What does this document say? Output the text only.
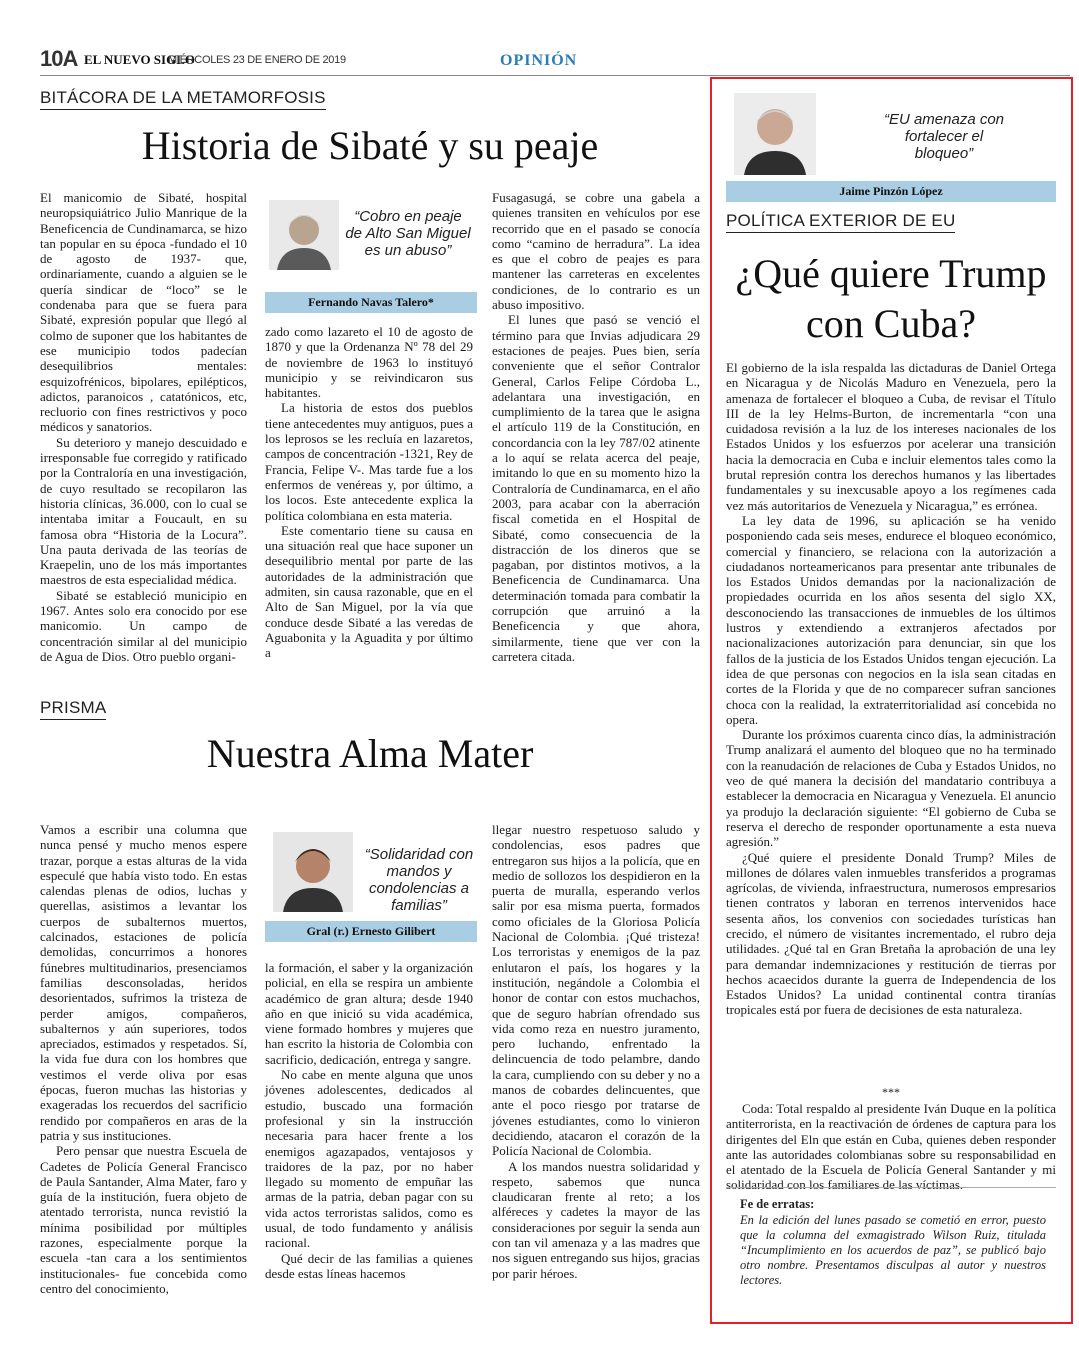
10A EL NUEVO SIGLO
MIÉRCOLES 23 DE ENERO DE 2019	OPINIÓN
BITÁCORA DE LA METAMORFOSIS
Historia de Sibaté y su peaje

El manicomio de Sibaté, hospital neuropsiquiátrico Julio Manrique de la Beneficencia de Cundinamarca, se hizo tan popular en su época -fundado el 10 de agosto de 1937- que, ordinariamente, cuando a alguien se le quería sindicar de “loco” se le condenaba para que se fuera para Sibaté, expresión popular que llegó al colmo de suponer que los habitantes de ese municipio todos padecían desequilibrios mentales: esquizofrénicos, bipolares, epilépticos, adictos, paranoicos , catatónicos, etc, recluorio con fines restrictivos y poco médicos y sanatorios.

Su deterioro y manejo descuidado e irresponsable fue corregido y ratificado por la Contraloría en una investigación, de cuyo resultado se recopilaron las historia clínicas, 36.000, con lo cual se intentaba imitar a Foucault, en su famosa obra “Historia de la Locura”. Una pauta derivada de las teorías de Kraepelin, uno de los más importantes maestros de esta especialidad médica.

Sibaté se estableció municipio en 1967. Antes solo era conocido por ese manicomio. Un campo de concentración similar al del municipio de Agua de Dios. Otro pueblo organi-

“Cobro en peaje de Alto San Miguel es un abuso”
Fernando Navas Talero*

zado como lazareto el 10 de agosto de 1870 y que la Ordenanza Nº 78 del 29 de noviembre de 1963 lo instituyó municipio y se reivindicaron sus habitantes.

La historia de estos dos pueblos tiene antecedentes muy antiguos, pues a los leprosos se les recluía en lazaretos, campos de concentración -1321, Rey de Francia, Felipe V-. Mas tarde fue a los enfermos de venéreas y, por último, a los locos. Este antecedente explica la política colombiana en esta materia.

Este comentario tiene su causa en una situación real que hace suponer un desequilibrio mental por parte de las autoridades de la administración que admiten, sin causa razonable, que en el Alto de San Miguel, por la vía que conduce desde Sibaté a las veredas de Aguabonita y la Aguadita y por último a

Fusagasugá, se cobre una gabela a quienes transiten en vehículos por ese recorrido que en el pasado se conocía como “camino de herradura”. La idea es que el cobro de peajes es para mantener las carreteras en excelentes condiciones, de lo contrario es un abuso impositivo.

El lunes que pasó se venció el término para que Invias adjudicara 29 estaciones de peajes. Pues bien, sería conveniente que el señor Contralor General, Carlos Felipe Córdoba L., adelantara una investigación, en cumplimiento de la tarea que le asigna el artículo 119 de la Constitución, en concordancia con la ley 787/02 atinente a lo aquí se relata acerca del peaje, imitando lo que en su momento hizo la Contraloría de Cundinamarca, en el año 2003, para acabar con la aberración fiscal cometida en el Hospital de Sibaté, como consecuencia de la distracción de los dineros que se pagaban, por distintos motivos, a la Beneficencia de Cundinamarca. Una determinación tomada para combatir la corrupción que arruinó a la Beneficencia y que ahora, similarmente, tiene que ver con la carretera citada.

PRISMA
Nuestra Alma Mater

Vamos a escribir una columna que nunca pensé y mucho menos espere trazar, porque a estas alturas de la vida especulé que había visto todo. En estas calendas plenas de odios, luchas y querellas, asistimos a levantar los cuerpos de subalternos muertos, calcinados, estaciones de policía demolidas, concurrimos a honores fúnebres multitudinarios, presenciamos familias desconsoladas, heridos desorientados, sufrimos la tristeza de perder amigos, compañeros, subalternos y aún superiores, todos apreciados, estimados y respetados. Sí, la vida fue dura con los hombres que vestimos el verde oliva por esas épocas, fueron muchas las historias y exageradas los recuerdos del sacrificio rendido por compañeros en aras de la patria y sus instituciones.

Pero pensar que nuestra Escuela de Cadetes de Policía General Francisco de Paula Santander, Alma Mater, faro y guía de la institución, fuera objeto de atentado terrorista, nunca revistió la mínima posibilidad por múltiples razones, especialmente porque la escuela -tan cara a los sentimientos institucionales- fue concebida como centro del conocimiento,

“Solidaridad con mandos y condolencias a familias”
Gral (r.) Ernesto Gilibert

la formación, el saber y la organización policial, en ella se respira un ambiente académico de gran altura; desde 1940 año en que inició su vida académica, viene formado hombres y mujeres que han escrito la historia de Colombia con sacrificio, dedicación, entrega y sangre.

No cabe en mente alguna que unos jóvenes adolescentes, dedicados al estudio, buscado una formación profesional y sin la instrucción necesaria para hacer frente a los enemigos agazapados, ventajosos y traidores de la paz, por no haber llegado su momento de empuñar las armas de la patria, deban pagar con su vida actos terroristas salidos, como es usual, de todo fundamento y análisis racional.

Qué decir de las familias a quienes desde estas líneas hacemos

llegar nuestro respetuoso saludo y condolencias, esos padres que entregaron sus hijos a la policía, que en medio de sollozos los despidieron en la puerta de muralla, esperando verlos salir por esa misma puerta, formados como oficiales de la Gloriosa Policía Nacional de Colombia. ¡Qué tristeza! Los terroristas y enemigos de la paz enlutaron el país, los hogares y la institución, negándole a Colombia el honor de contar con estos muchachos, que de seguro habrían ofrendado sus vida como reza en nuestro juramento, pero luchando, enfrentado la delincuencia de todo pelambre, dando la cara, cumpliendo con su deber y no a manos de cobardes delincuentes, que ante el poco riesgo por tratarse de jóvenes estudiantes, como lo vinieron decidiendo, atacaron el corazón de la Policía Nacional de Colombia.

A los mandos nuestra solidaridad y respeto, sabemos que nunca claudicaran frente al reto; a los alféreces y cadetes la mayor de las consideraciones por seguir la senda aun con tan vil amenaza y a las madres que nos siguen entregando sus hijos, gracias por parir héroes.

“EU amenaza con fortalecer el bloqueo”
Jaime Pinzón López
POLÍTICA EXTERIOR DE EU
¿Qué quiere Trump con Cuba?

El gobierno de la isla respalda las dictaduras de Daniel Ortega en Nicaragua y de Nicolás Maduro en Venezuela, pero la amenaza de fortalecer el bloqueo a Cuba, de revisar el Título III de la ley Helms-Burton, de incrementarla “con una cuidadosa revisión a la luz de los intereses nacionales de los Estados Unidos y los esfuerzos por acelerar una transición hacia la democracia en Cuba e incluir elementos tales como la brutal represión contra los derechos humanos y las libertades fundamentales y su inexcusable apoyo a los regímenes cada vez más autoritarios de Venezuela y Nicaragua,” es errónea.

La ley data de 1996, su aplicación se ha venido posponiendo cada seis meses, endurece el bloqueo económico, comercial y financiero, se relaciona con la autorización a ciudadanos norteamericanos para presentar ante tribunales de los Estados Unidos demandas por la nacionalización de propiedades ocurrida en los años sesenta del siglo XX, desconociendo las transacciones de inmuebles de los últimos lustros y extendiendo a extranjeros afectados por nacionalizaciones autorización para denunciar, sin que los fallos de la justicia de los Estados Unidos tengan ejecución. La idea de que personas con negocios en la isla sean citadas en cortes de la Florida y que de no comparecer sufran sanciones choca con la realidad, la extraterritorialidad así concebida no opera.

Durante los próximos cuarenta cinco días, la administración Trump analizará el aumento del bloqueo que no ha terminado con la reanudación de relaciones de Cuba y Estados Unidos, no veo de qué manera la decisión del mandatario contribuya a establecer la democracia en Nicaragua y Venezuela. El anuncio ya produjo la declaración siguiente: “El gobierno de Cuba se reserva el derecho de responder oportunamente a esta nueva agresión.”

¿Qué quiere el presidente Donald Trump? Miles de millones de dólares valen inmuebles transferidos a programas agrícolas, de vivienda, infraestructura, numerosos empresarios tienen contratos y laboran en terrenos intervenidos hace sesenta años, los convenios con sociedades turísticas han crecido, el número de visitantes incrementado, el rubro deja utilidades. ¿Qué tal en Gran Bretaña la aprobación de una ley para demandar indemnizaciones y restitución de tierras por hechos acaecidos durante la guerra de Independencia de los Estados Unidos? La unidad continental contra tiranías tropicales está por fuera de decisiones de esta naturaleza.

***

Coda: Total respaldo al presidente Iván Duque en la política antiterrorista, en la reactivación de órdenes de captura para los dirigentes del Eln que están en Cuba, quienes deben responder ante las autoridades colombianas sobre su responsabilidad en el atentado de la Escuela de Policía General Santander y mi solidaridad con los familiares de las víctimas.

Fe de erratas:
En la edición del lunes pasado se cometió en error, puesto que la columna del exmagistrado Wilson Ruiz, titulada “Incumplimiento en los acuerdos de paz”, se publicó bajo otro nombre. Presentamos disculpas al autor y nuestros lectores.
